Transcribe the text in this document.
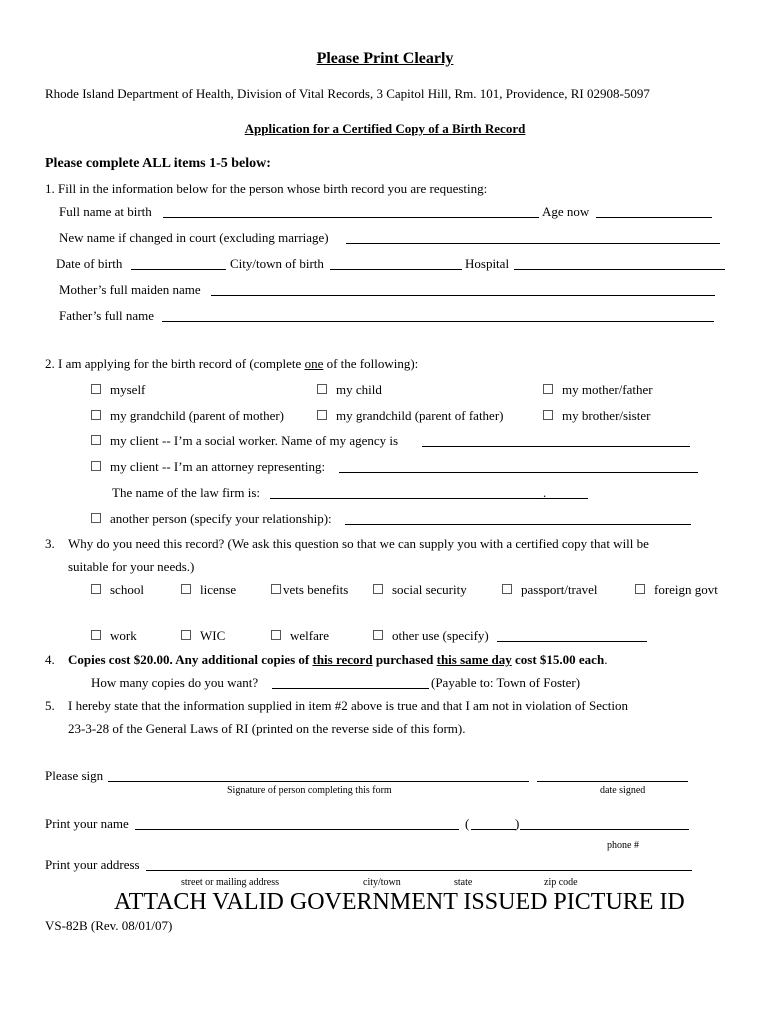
Please Print Clearly
Rhode Island Department of Health, Division of Vital Records, 3 Capitol Hill, Rm. 101, Providence, RI 02908-5097
Application for a Certified Copy of a Birth Record
Please complete ALL items 1-5 below:
1. Fill in the information below for the person whose birth record you are requesting:
Full name at birth	Age now
New name if changed in court (excluding marriage)
Date of birth	City/town of birth	Hospital
Mother’s full maiden name
Father’s full name
2. I am applying for the birth record of (complete one of the following):
myself	my child	my mother/father
my grandchild (parent of mother)	my grandchild (parent of father)	my brother/sister
my client -- I’m a social worker. Name of my agency is
my client -- I’m an attorney representing:
The name of the law firm is:	.
another person (specify your relationship):
3. Why do you need this record? (We ask this question so that we can supply you with a certified copy that will be
suitable for your needs.)
school	license	vets benefits	social security	passport/travel	foreign govt
work	WIC	welfare	other use (specify)
4. Copies cost $20.00. Any additional copies of this record purchased this same day cost $15.00 each.
How many copies do you want?	(Payable to: Town of Foster)
5. I hereby state that the information supplied in item #2 above is true and that I am not in violation of Section
23-3-28 of the General Laws of RI (printed on the reverse side of this form).
Please sign
Signature of person completing this form	date signed
Print your name	(	)
phone #
Print your address
street or mailing address	city/town	state	zip code
ATTACH VALID GOVERNMENT ISSUED PICTURE ID
VS-82B (Rev. 08/01/07)
